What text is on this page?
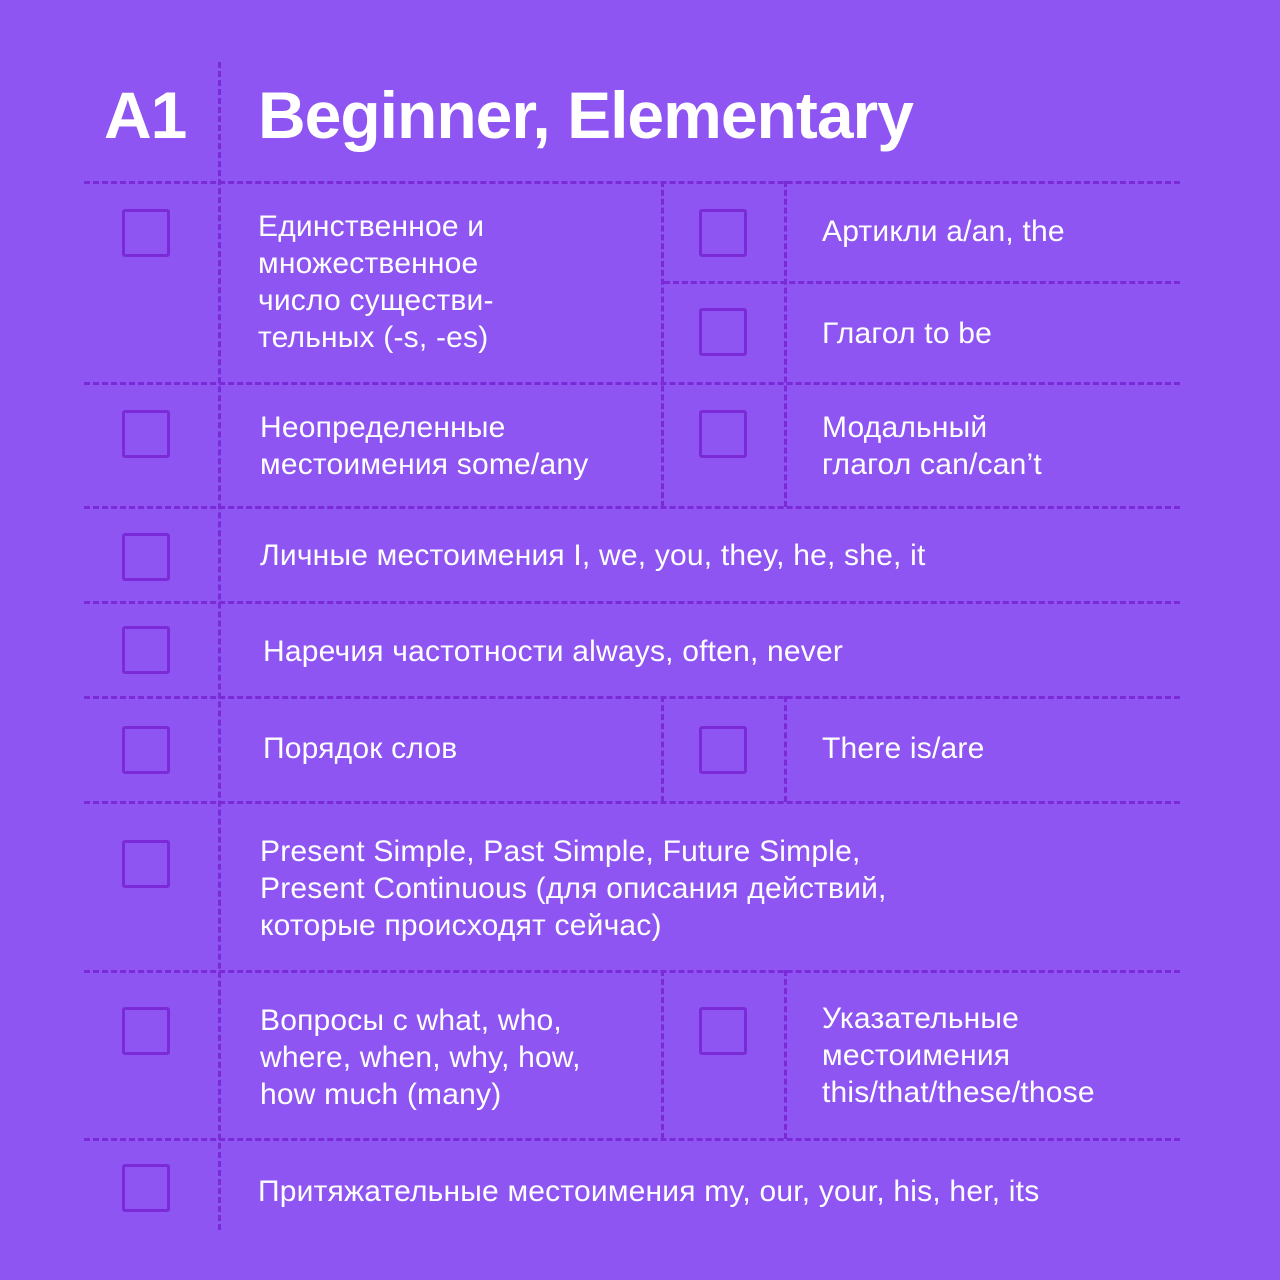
A1 Beginner, Elementary
Единственное и
множественное
число существи-
тельных (-s, -es)
Артикли a/an, the
Глагол to be
Неопределенные
местоимения some/any
Модальный
глагол can/can’t
Личные местоимения I, we, you, they, he, she, it
Наречия частотности always, often, never
Порядок слов	There is/are
Present Simple, Past Simple, Future Simple,
Present Continuous (для описания действий,
которые происходят сейчас)
Вопросы с what, who,
where, when, why, how,
how much (many)
Указательные
местоимения
this/that/these/those
Притяжательные местоимения my, our, your, his, her, its
